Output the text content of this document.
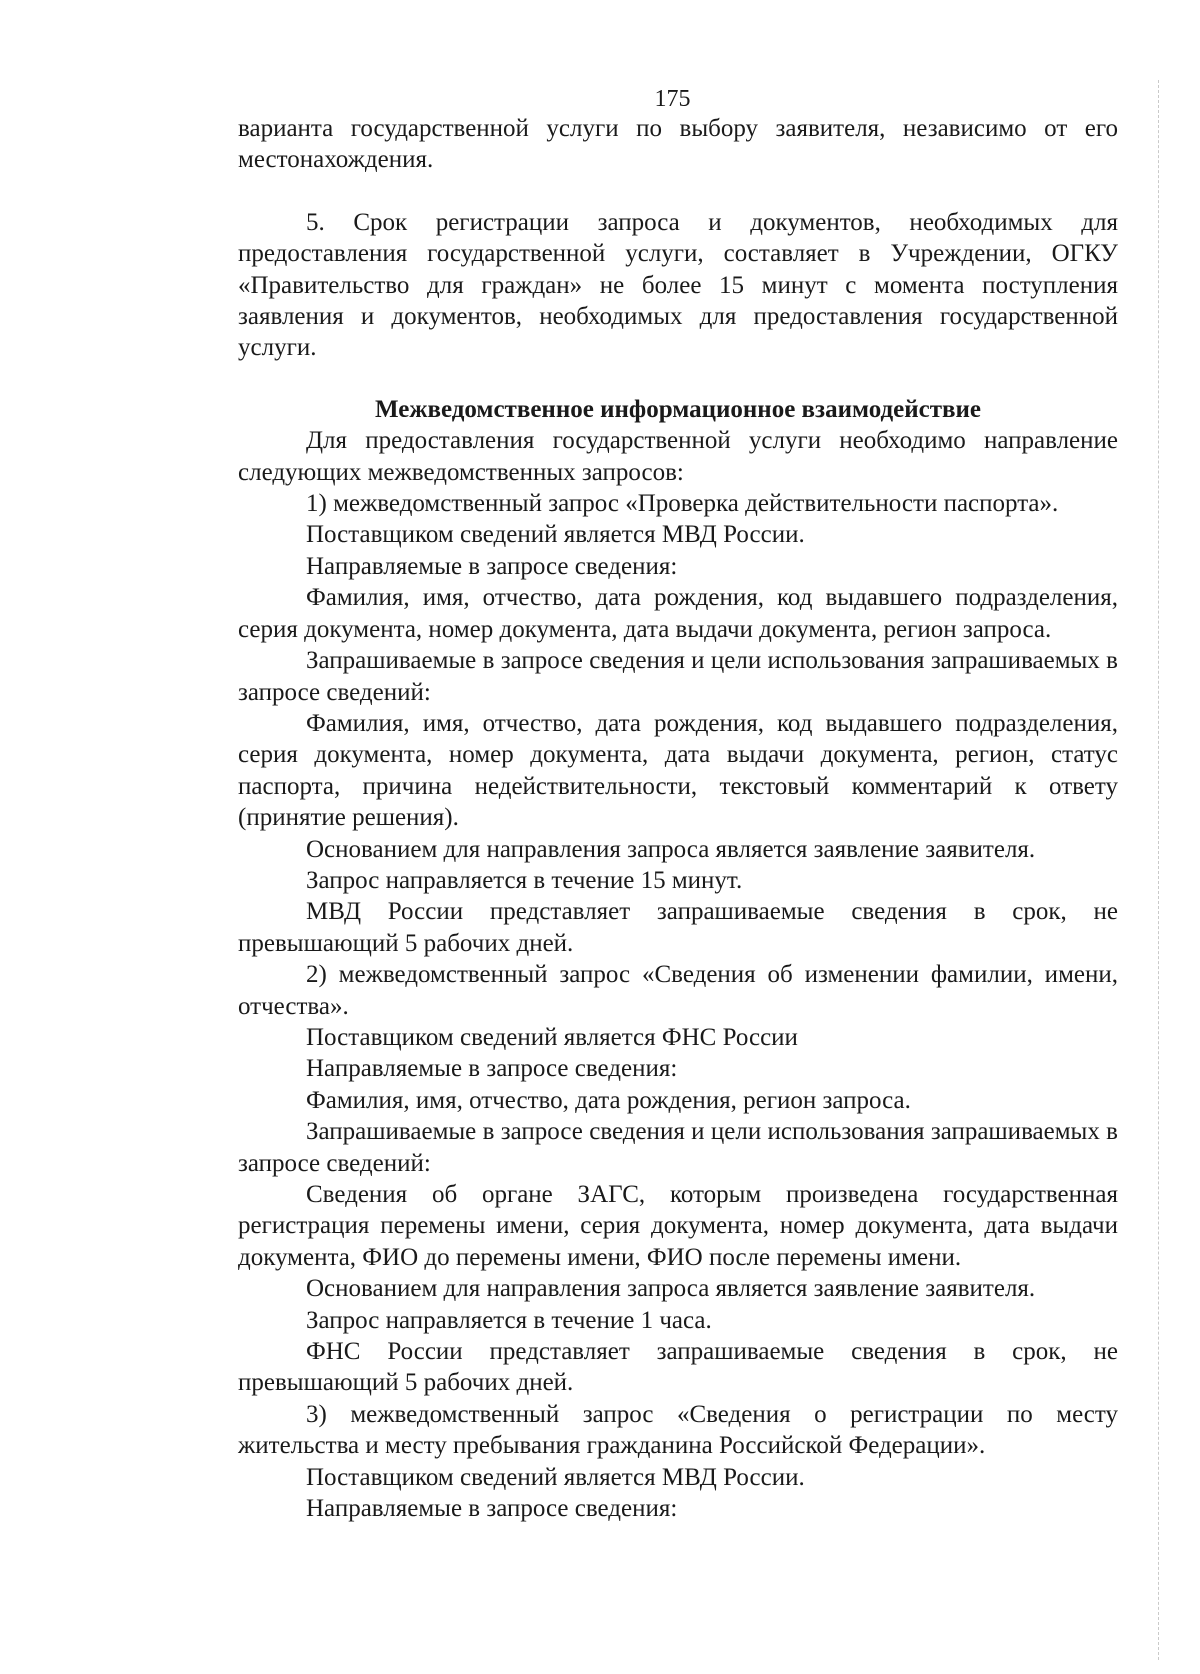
175

варианта государственной услуги по выбору заявителя, независимо от его местонахождения.

5. Срок регистрации запроса и документов, необходимых для предоставления государственной услуги, составляет в Учреждении, ОГКУ «Правительство для граждан» не более 15 минут с момента поступления заявления и документов, необходимых для предоставления государственной услуги.

Межведомственное информационное взаимодействие

Для предоставления государственной услуги необходимо направление следующих межведомственных запросов:

1) межведомственный запрос «Проверка действительности паспорта».

Поставщиком сведений является МВД России.

Направляемые в запросе сведения:

Фамилия, имя, отчество, дата рождения, код выдавшего подразделения, серия документа, номер документа, дата выдачи документа, регион запроса.

Запрашиваемые в запросе сведения и цели использования запрашиваемых в запросе сведений:

Фамилия, имя, отчество, дата рождения, код выдавшего подразделения, серия документа, номер документа, дата выдачи документа, регион, статус паспорта, причина недействительности, текстовый комментарий к ответу (принятие решения).

Основанием для направления запроса является заявление заявителя.

Запрос направляется в течение 15 минут.

МВД России представляет запрашиваемые сведения в срок, не превышающий 5 рабочих дней.

2) межведомственный запрос «Сведения об изменении фамилии, имени, отчества».

Поставщиком сведений является ФНС России

Направляемые в запросе сведения:

Фамилия, имя, отчество, дата рождения, регион запроса.

Запрашиваемые в запросе сведения и цели использования запрашиваемых в запросе сведений:

Сведения об органе ЗАГС, которым произведена государственная регистрация перемены имени, серия документа, номер документа, дата выдачи документа, ФИО до перемены имени, ФИО после перемены имени.

Основанием для направления запроса является заявление заявителя.

Запрос направляется в течение 1 часа.

ФНС России представляет запрашиваемые сведения в срок, не превышающий 5 рабочих дней.

3) межведомственный запрос «Сведения о регистрации по месту жительства и месту пребывания гражданина Российской Федерации».

Поставщиком сведений является МВД России.

Направляемые в запросе сведения:
